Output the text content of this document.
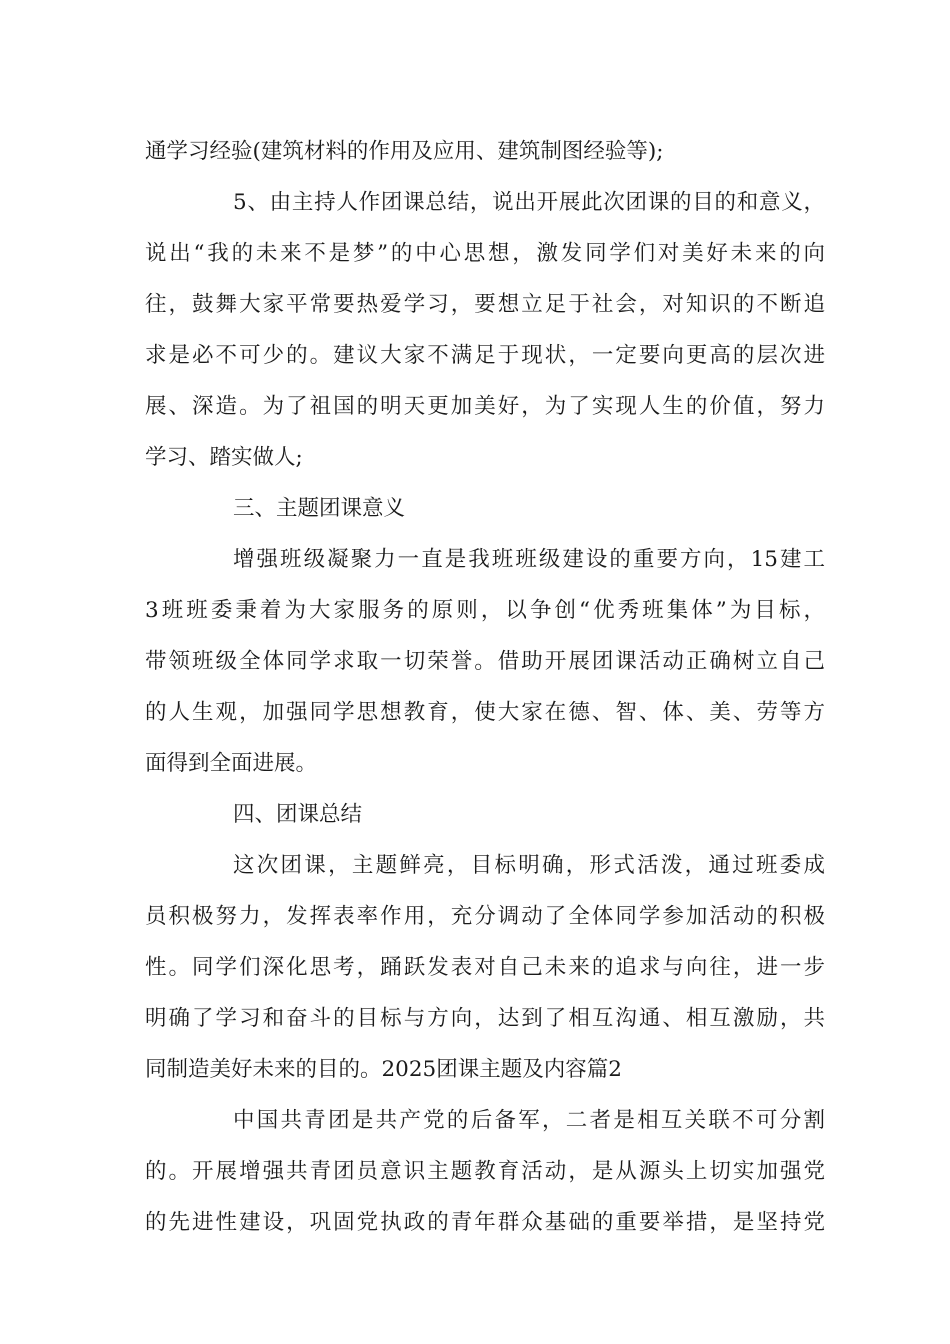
通学习经验(建筑材料的作用及应用、建筑制图经验等);
5、由主持人作团课总结，说出开展此次团课的目的和意义，
说出“我的未来不是梦”的中心思想，激发同学们对美好未来的向
往，鼓舞大家平常要热爱学习，要想立足于社会，对知识的不断追
求是必不可少的。建议大家不满足于现状，一定要向更高的层次进
展、深造。为了祖国的明天更加美好，为了实现人生的价值，努力
学习、踏实做人;
三、主题团课意义
增强班级凝聚力一直是我班班级建设的重要方向，15建工
3班班委秉着为大家服务的原则，以争创“优秀班集体”为目标，
带领班级全体同学求取一切荣誉。借助开展团课活动正确树立自己
的人生观，加强同学思想教育，使大家在德、智、体、美、劳等方
面得到全面进展。
四、团课总结
这次团课，主题鲜亮，目标明确，形式活泼，通过班委成
员积极努力，发挥表率作用，充分调动了全体同学参加活动的积极
性。同学们深化思考，踊跃发表对自己未来的追求与向往，进一步
明确了学习和奋斗的目标与方向，达到了相互沟通、相互激励，共
同制造美好未来的目的。2025团课主题及内容篇2
中国共青团是共产党的后备军，二者是相互关联不可分割
的。开展增强共青团员意识主题教育活动，是从源头上切实加强党
的先进性建设，巩固党执政的青年群众基础的重要举措，是坚持党
